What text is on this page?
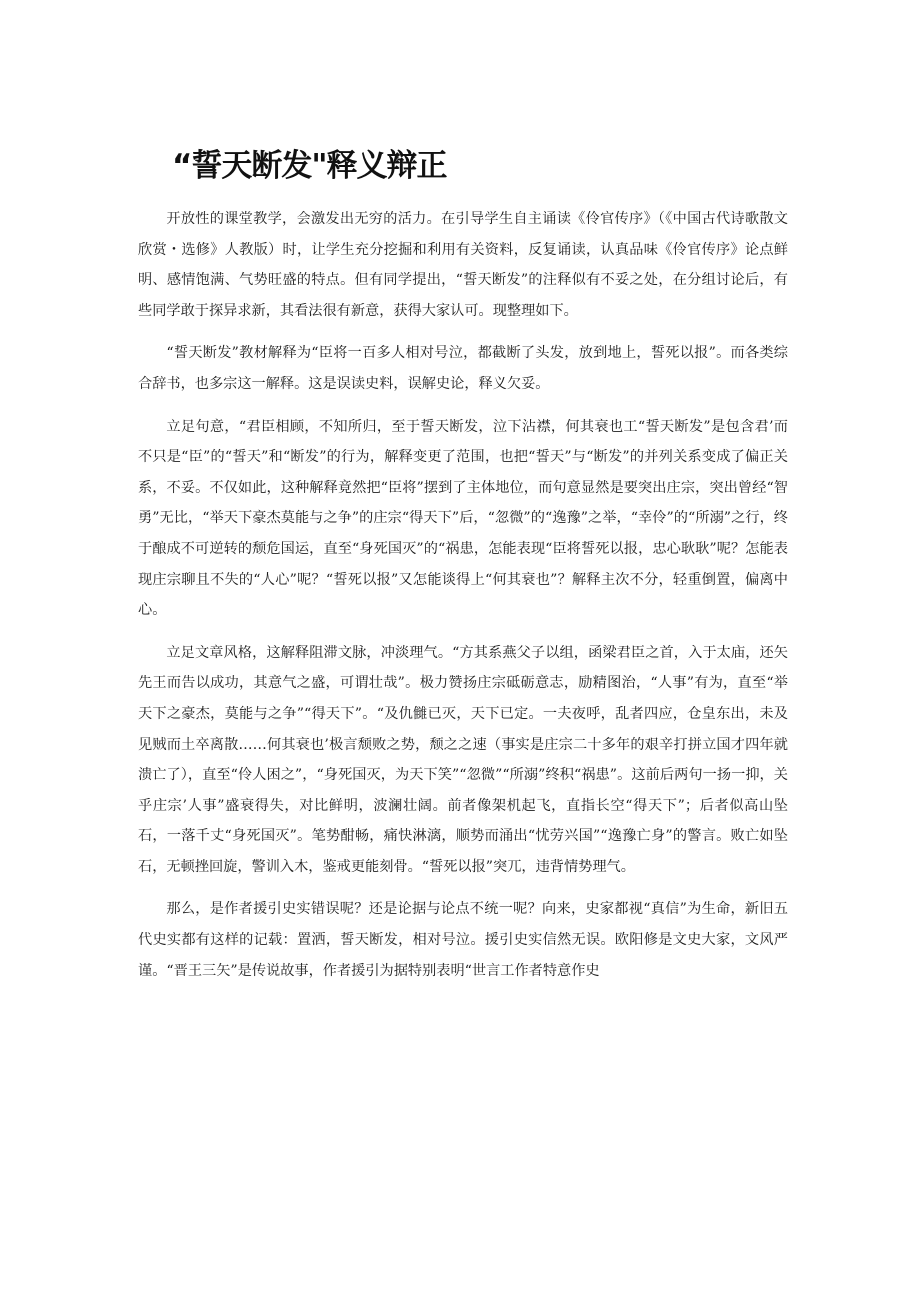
“誓天断发"释义辩正

开放性的课堂教学，会激发出无穷的活力。在引导学生自主诵读《伶官传序》（《中国古代诗歌散文欣赏・选修》人教版）时，让学生充分挖掘和利用有关资料，反复诵读，认真品味《伶官传序》论点鲜明、感情饱满、气势旺盛的特点。但有同学提出，“誓天断发”的注释似有不妥之处，在分组讨论后，有些同学敢于探异求新，其看法很有新意，获得大家认可。现整理如下。

“誓天断发”教材解释为“臣将一百多人相对号泣，都截断了头发，放到地上，誓死以报”。而各类综合辞书，也多宗这一解释。这是误读史料，误解史论，释义欠妥。

立足句意，“君臣相顾，不知所归，至于誓天断发，泣下沾襟，何其衰也工“誓天断发”是包含君’而不只是“臣”的“誓天”和“断发”的行为，解释变更了范围，也把“誓天”与“断发”的并列关系变成了偏正关系，不妥。不仅如此，这种解释竟然把“臣将”摆到了主体地位，而句意显然是要突出庄宗，突出曾经“智勇”无比，“举天下豪杰莫能与之争”的庄宗“得天下”后，“忽微”的“逸豫”之举，“幸伶”的“所溺”之行，终于酿成不可逆转的颓危国运，直至“身死国灭”的“祸患，怎能表现“臣将誓死以报，忠心耿耿”呢？怎能表现庄宗聊且不失的“人心”呢？“誓死以报”又怎能谈得上“何其衰也”？解释主次不分，轻重倒置，偏离中心。

立足文章风格，这解释阻滞文脉，冲淡理气。“方其系燕父子以组，函梁君臣之首，入于太庙，还矢先王而告以成功，其意气之盛，可谓壮哉”。极力赞扬庄宗砥砺意志，励精图治，“人事”有为，直至“举天下之豪杰，莫能与之争”“得天下”。“及仇雠已灭，天下已定。一夫夜呼，乱者四应，仓皇东出，未及见贼而土卒离散……何其衰也’极言颓败之势，颓之之速（事实是庄宗二十多年的艰辛打拼立国才四年就溃亡了），直至“伶人困之”，“身死国灭，为天下笑”“忽微”“所溺”终积“祸患”。这前后两句一扬一抑，关乎庄宗’人事”盛衰得失，对比鲜明，波澜壮阔。前者像架机起飞，直指长空“得天下”；后者似高山坠石，一落千丈“身死国灭”。笔势酣畅，痛快淋漓，顺势而涌出“忧劳兴国”“逸豫亡身”的警言。败亡如坠石，无顿挫回旋，警训入木，鉴戒更能刻骨。“誓死以报”突兀，违背情势理气。

那么，是作者援引史实错误呢？还是论据与论点不统一呢？向来，史家都视“真信”为生命，新旧五代史实都有这样的记载：置洒，誓天断发，相对号泣。援引史实信然无误。欧阳修是文史大家，文风严谨。“晋王三矢”是传说故事，作者援引为据特别表明“世言工作者特意作史
